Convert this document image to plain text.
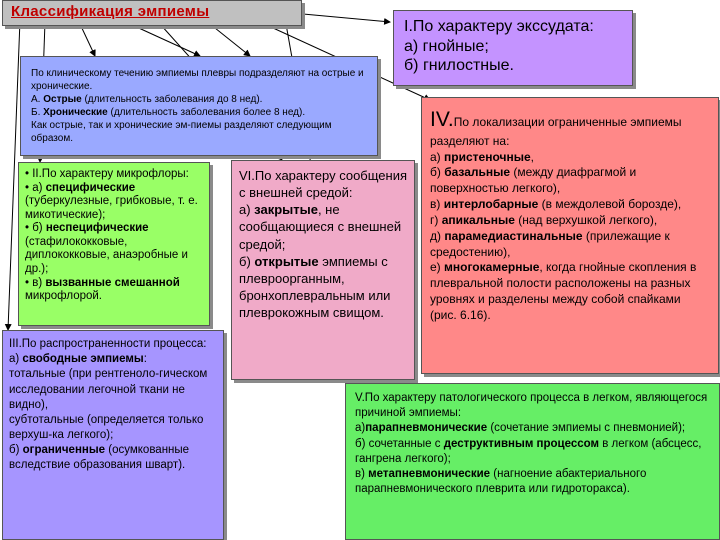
Классификация эмпиемы
I.По характеру экссудата:
а) гнойные;
б) гнилостные.
По клиническому течению эмпиемы плевры подразделяют на острые и хронические.
А. Острые (длительность заболевания до 8 нед).
Б. Хронические (длительность заболевания более 8 нед).
Как острые, так и хронические эм-пиемы разделяют следующим образом.
• II.По характеру микрофлоры:
• а) специфические (туберкулезные, грибковые, т. е. микотические);
• б) неспецифические (стафилококковые, диплококковые, анаэробные и др.);
• в) вызванные смешанной микрофлорой.
III.По распространенности процесса:
а) свободные эмпиемы:
тотальные (при рентгеноло-гическом исследовании легочной ткани не видно),
субтотальные (определяется только верхуш-ка легкого);
б) ограниченные (осумкованные вследствие образования шварт).
VI.По характеру сообщения с внешней средой:
а) закрытые, не сообщающиеся с внешней средой;
б) открытые эмпиемы с плевроорганным, бронхоплевральным или плеврокожным свищом.
IV.По локализации ограниченные эмпиемы разделяют на:
а) пристеночные,
б) базальные (между диафрагмой и поверхностью легкого),
в) интерлобарные (в междолевой борозде),
г) апикальные (над верхушкой легкого),
д) парамедиастинальные (прилежащие к средостению),
е) многокамерные, когда гнойные скопления в плевральной полости расположены на разных уровнях и разделены между собой спайками (рис. 6.16).
V.По характеру патологического процесса в легком, являющегося причиной эмпиемы:
а)парапневмонические (сочетание эмпиемы с пневмонией);
б) сочетанные с деструктивным процессом в легком (абсцесс, гангрена легкого);
в) метапневмонические (нагноение абактериального парапневмонического плеврита или гидроторакса).
